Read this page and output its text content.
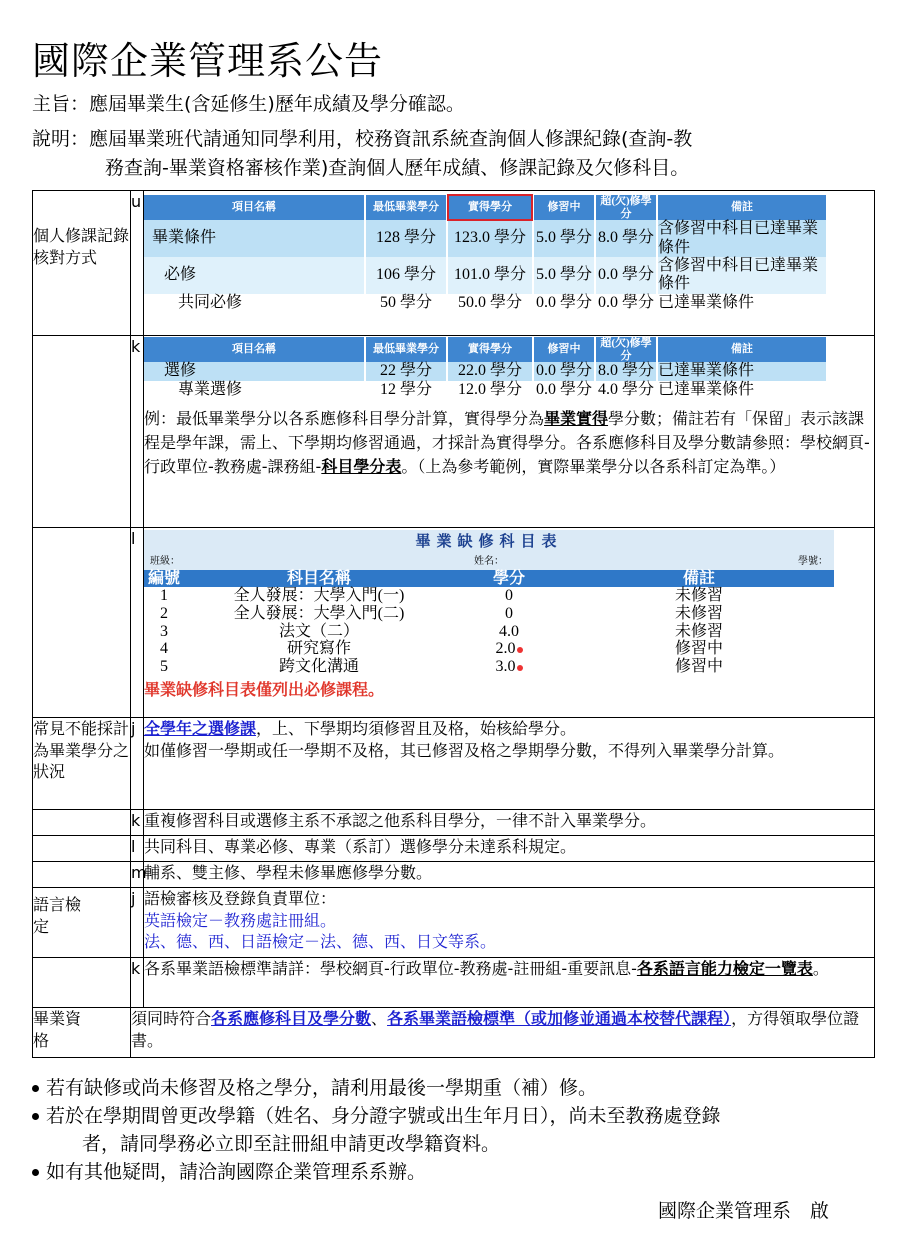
國際企業管理系公告
主旨：應屆畢業生(含延修生)歷年成績及學分確認。
說明：應屆畢業班代請通知同學利用，校務資訊系統查詢個人修課紀錄(查詢-教
務查詢-畢業資格審核作業)查詢個人歷年成績、修課記錄及欠修科目。
個人修課記錄核對方式
	u		項目名稱		最低畢業學分		實得學分		修習中		超(欠)修學分		備註
畢業條件		128 學分		123.0 學分		5.0 學分		8.0 學分		含修習中科目已達畢業條件
必修		106 學分		101.0 學分		5.0 學分		0.0 學分		含修習中科目已達畢業條件
共同必修		50 學分		50.0 學分		0.0 學分		0.0 學分		已達畢業條件

	k		項目名稱		最低畢業學分		實得學分		修習中		超(欠)修學分		備註
選修		22 學分		22.0 學分		0.0 學分		8.0 學分		已達畢業條件
專業選修		12 學分		12.0 學分		0.0 學分		4.0 學分		已達畢業條件
例：最低畢業學分以各系應修科目學分計算，實得學分為畢業實得學分數；備註若有「保留」表示該課程是學年課，需上、下學期均修習通過，才採計為實得學分。各系應修科目及學分數請參照：學校網頁-行政單位-教務處-課務組-科目學分表。（上為參考範例，實際畢業學分以各系科訂定為準。）

	l	畢業缺修科目表
班級：	姓名：	學號：
編號	科目名稱	學分	備註
1	全人發展：大學入門(一)	0	未修習
2	全人發展：大學入門(二)	0	未修習
3	法文（二）	4.0	未修習
4	研究寫作	2.0	修習中
5	跨文化溝通	3.0	修習中
畢業缺修科目表僅列出必修課程。

常見不能採計為畢業學分之狀況	j	全學年之選修課，上、下學期均須修習且及格，始核給學分。
如僅修習一學期或任一學期不及格，其已修習及格之學期學分數，不得列入畢業學分計算。
	k	重複修習科目或選修主系不承認之他系科目學分，一律不計入畢業學分。
	l	共同科目、專業必修、專業（系訂）選修學分未達系科規定。
	m	輔系、雙主修、學程未修畢應修學分數。

語言檢定
	j	語檢審核及登錄負責單位：
英語檢定－教務處註冊組。
法、德、西、日語檢定－法、德、西、日文等系。

	k	各系畢業語檢標準請詳：學校網頁-行政單位-教務處-註冊組-重要訊息-各系語言能力檢定一覽表。

畢業資格
	須同時符合各系應修科目及學分數、各系畢業語檢標準（或加修並通過本校替代課程），方得領取學位證書。
若有缺修或尚未修習及格之學分，請利用最後一學期重（補）修。
若於在學期間曾更改學籍（姓名、身分證字號或出生年月日），尚未至教務處登錄
者，請同學務必立即至註冊組申請更改學籍資料。
如有其他疑問，請洽詢國際企業管理系系辦。
國際企業管理系　啟
